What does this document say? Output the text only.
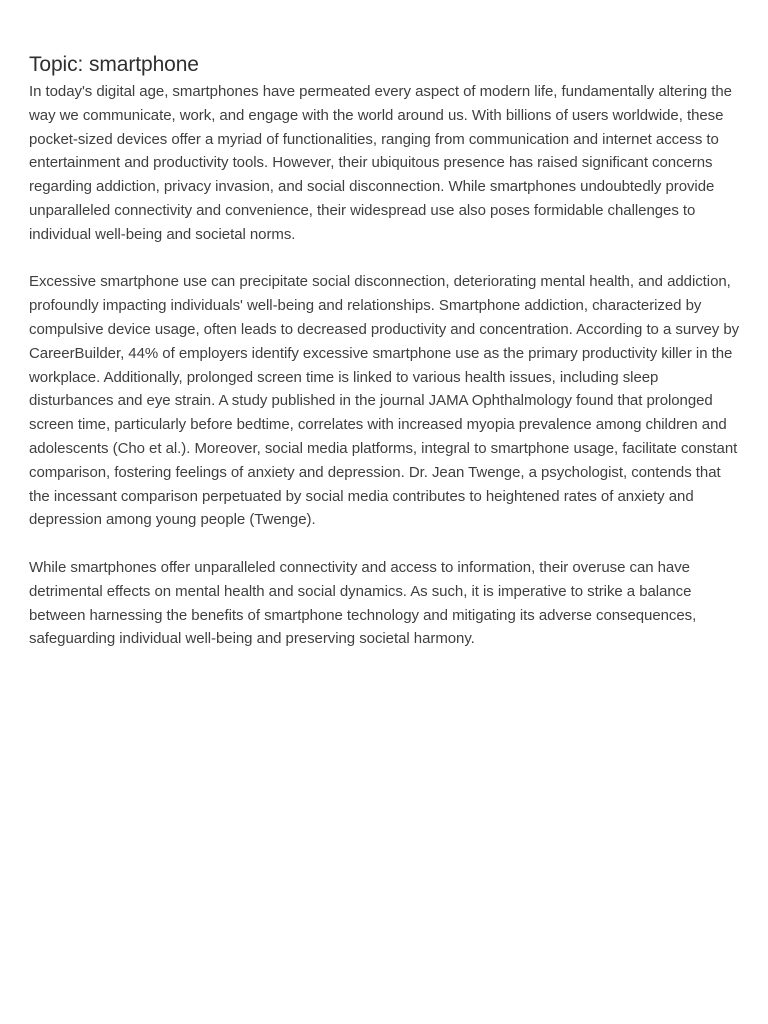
Topic: smartphone

In today's digital age, smartphones have permeated every aspect of modern life, fundamentally altering the way we communicate, work, and engage with the world around us. With billions of users worldwide, these pocket-sized devices offer a myriad of functionalities, ranging from communication and internet access to entertainment and productivity tools. However, their ubiquitous presence has raised significant concerns regarding addiction, privacy invasion, and social disconnection. While smartphones undoubtedly provide unparalleled connectivity and convenience, their widespread use also poses formidable challenges to individual well-being and societal norms.

Excessive smartphone use can precipitate social disconnection, deteriorating mental health, and addiction, profoundly impacting individuals' well-being and relationships. Smartphone addiction, characterized by compulsive device usage, often leads to decreased productivity and concentration. According to a survey by CareerBuilder, 44% of employers identify excessive smartphone use as the primary productivity killer in the workplace. Additionally, prolonged screen time is linked to various health issues, including sleep disturbances and eye strain. A study published in the journal JAMA Ophthalmology found that prolonged screen time, particularly before bedtime, correlates with increased myopia prevalence among children and adolescents (Cho et al.). Moreover, social media platforms, integral to smartphone usage, facilitate constant comparison, fostering feelings of anxiety and depression. Dr. Jean Twenge, a psychologist, contends that the incessant comparison perpetuated by social media contributes to heightened rates of anxiety and depression among young people (Twenge).

While smartphones offer unparalleled connectivity and access to information, their overuse can have detrimental effects on mental health and social dynamics. As such, it is imperative to strike a balance between harnessing the benefits of smartphone technology and mitigating its adverse consequences, safeguarding individual well-being and preserving societal harmony.
